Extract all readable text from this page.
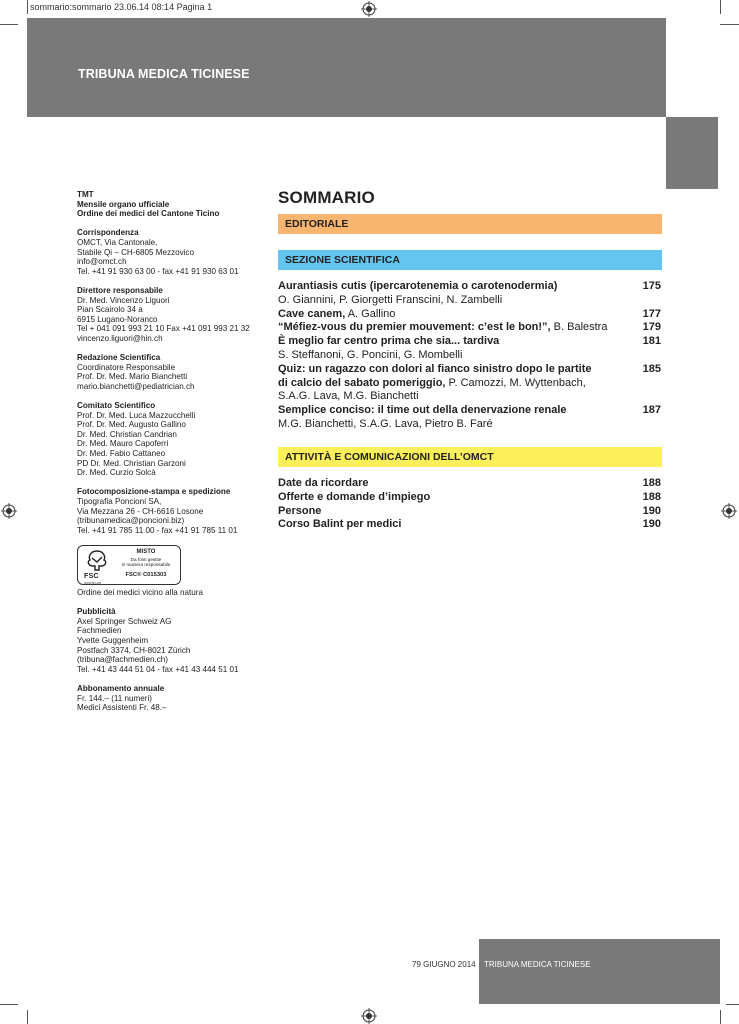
sommario:sommario 23.06.14 08:14 Pagina 1
TRIBUNA MEDICA TICINESE
TMT
Mensile organo ufficiale
Ordine dei medici del Cantone Ticino
Corrispondenza
OMCT, Via Cantonale,
Stabile Qi – CH-6805 Mezzovico
info@omct.ch
Tel. +41 91 930 63 00 - fax +41 91 930 63 01
Direttore responsabile
Dr. Med. Vincenzo Liguori
Pian Scairolo 34 a
6915 Lugano-Noranco
Tel + 041 091 993 21 10 Fax +41 091 993 21 32
vincenzo.liguori@hin.ch
Redazione Scientifica
Coordinatore Responsabile
Prof. Dr. Med. Mario Bianchetti
mario.bianchetti@pediatrician.ch
Comitato Scientifico
Prof. Dr. Med. Luca Mazzucchelli
Prof. Dr. Med. Augusto Gallino
Dr. Med. Christian Candrian
Dr. Med. Mauro Capoferri
Dr. Med. Fabio Cattaneo
PD Dr. Med. Christian Garzoni
Dr. Med. Curzio Solcà
Fotocomposizione-stampa e spedizione
Tipografia Poncioni SA,
Via Mezzana 26 - CH-6616 Losone
(tribunamedica@poncioni.biz)
Tel. +41 91 785 11 00 - fax +41 91 785 11 01
FSC
www.fsc.org
MISTO
Da fonti gestite
in maniera responsabile
FSC® C015303
Ordine dei medici vicino alla natura
Pubblicità
Axel Springer Schweiz AG
Fachmedien
Yvette Guggenheim
Postfach 3374, CH-8021 Zürich
(tribuna@fachmedien.ch)
Tel. +41 43 444 51 04 - fax +41 43 444 51 01
Abbonamento annuale
Fr. 144.– (11 numeri)
Medici Assistenti Fr. 48.–
SOMMARIO
EDITORIALE
SEZIONE SCIENTIFICA
Aurantiasis cutis (ipercarotenemia o carotenodermia)	175
O. Giannini, P. Giorgetti Franscini, N. Zambelli
Cave canem, A. Gallino	177
“Méfiez-vous du premier mouvement: c’est le bon!”, B. Balestra	179
È meglio far centro prima che sia... tardiva	181
S. Steffanoni, G. Poncini, G. Mombelli
Quiz: un ragazzo con dolori al fianco sinistro dopo le partite	185
di calcio del sabato pomeriggio, P. Camozzi, M. Wyttenbach,
S.A.G. Lava, M.G. Bianchetti
Semplice conciso: il time out della denervazione renale	187
M.G. Bianchetti, S.A.G. Lava, Pietro B. Faré
ATTIVITÀ E COMUNICAZIONI DELL’OMCT
Date da ricordare	188
Offerte e domande d’impiego	188
Persone	190
Corso Balint per medici	190
79 GIUGNO 2014 TRIBUNA MEDICA TICINESE
